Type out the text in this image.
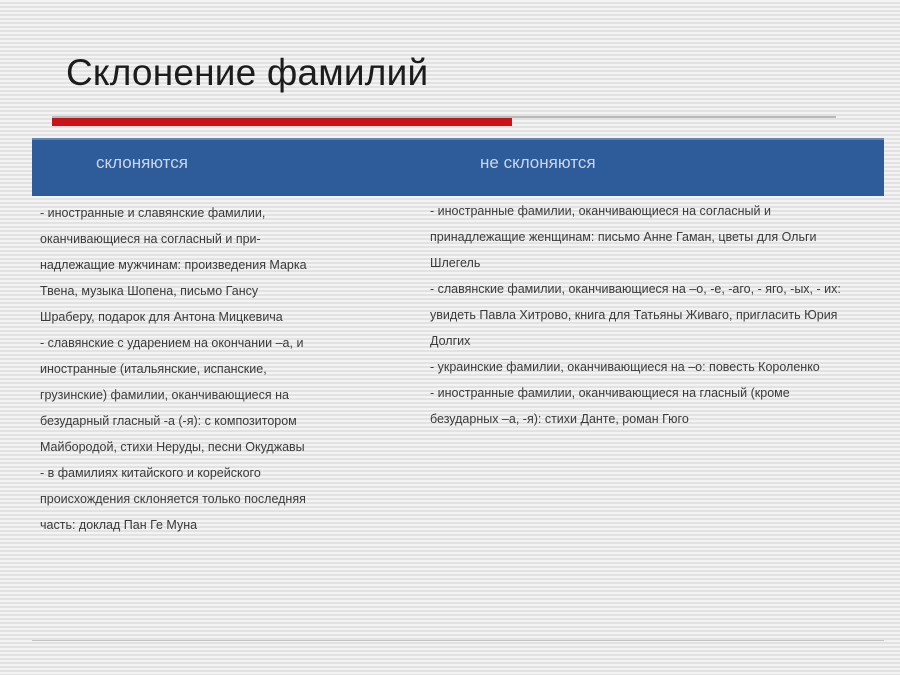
Склонение фамилий
склоняются	не склоняются

- иностранные и славянские фамилии, оканчивающиеся на согласный и при-надлежащие мужчинам: произведения Марка Твена, музыка Шопена, письмо Гансу Шраберу, подарок для Антона Мицкевича

- славянские с ударением на окончании –а, и иностранные (итальянские, испанские, грузинские) фамилии, оканчивающиеся на безударный гласный -а (-я): с композитором Майбородой, стихи Неруды, песни Окуджавы

- в фамилиях китайского и корейского происхождения склоняется только последняя часть: доклад Пан Ге Муна

- иностранные фамилии, оканчивающиеся на согласный и принадлежащие женщинам: письмо Анне Гаман, цветы для Ольги Шлегель

- славянские фамилии, оканчивающиеся на –о, -е, -аго, - яго, -ых, - их: увидеть Павла Хитрово, книга для Татьяны Живаго, пригласить Юрия Долгих

- украинские фамилии, оканчивающиеся на –о: повесть Короленко

- иностранные фамилии, оканчивающиеся на гласный (кроме безударных –а, -я): стихи Данте, роман Гюго
